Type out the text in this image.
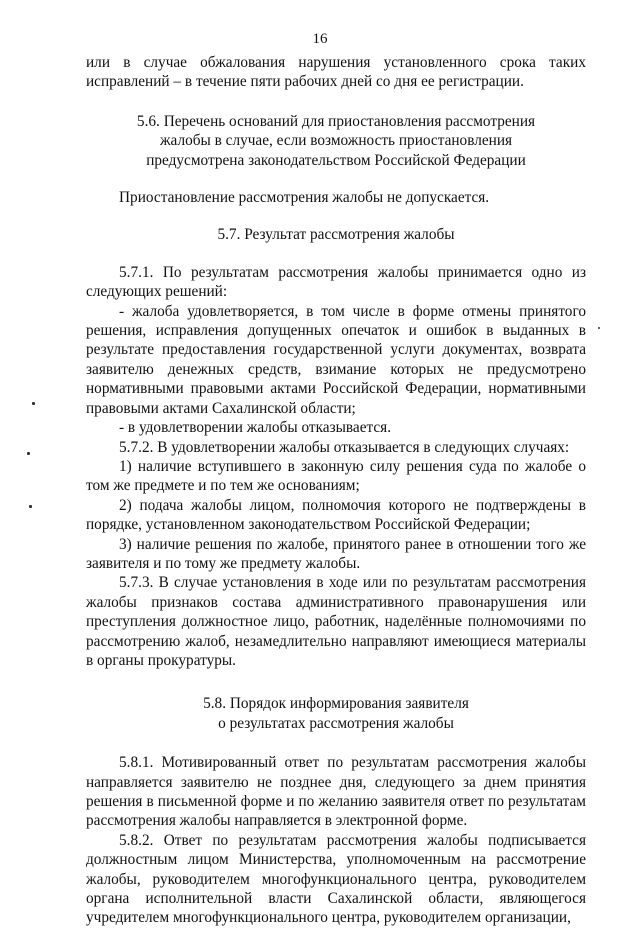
16

или в случае обжалования нарушения установленного срока таких исправлений – в течение пяти рабочих дней со дня ее регистрации.

5.6. Перечень оснований для приостановления рассмотрения жалобы в случае, если возможность приостановления предусмотрена законодательством Российской Федерации

Приостановление рассмотрения жалобы не допускается.

5.7. Результат рассмотрения жалобы

5.7.1. По результатам рассмотрения жалобы принимается одно из следующих решений:

- жалоба удовлетворяется, в том числе в форме отмены принятого решения, исправления допущенных опечаток и ошибок в выданных в результате предоставления государственной услуги документах, возврата заявителю денежных средств, взимание которых не предусмотрено нормативными правовыми актами Российской Федерации, нормативными правовыми актами Сахалинской области;

- в удовлетворении жалобы отказывается.

5.7.2. В удовлетворении жалобы отказывается в следующих случаях:

1) наличие вступившего в законную силу решения суда по жалобе о том же предмете и по тем же основаниям;

2) подача жалобы лицом, полномочия которого не подтверждены в порядке, установленном законодательством Российской Федерации;

3) наличие решения по жалобе, принятого ранее в отношении того же заявителя и по тому же предмету жалобы.

5.7.3. В случае установления в ходе или по результатам рассмотрения жалобы признаков состава административного правонарушения или преступления должностное лицо, работник, наделённые полномочиями по рассмотрению жалоб, незамедлительно направляют имеющиеся материалы в органы прокуратуры.

5.8. Порядок информирования заявителя
о результатах рассмотрения жалобы

5.8.1. Мотивированный ответ по результатам рассмотрения жалобы направляется заявителю не позднее дня, следующего за днем принятия решения в письменной форме и по желанию заявителя ответ по результатам рассмотрения жалобы направляется в электронной форме.

5.8.2. Ответ по результатам рассмотрения жалобы подписывается должностным лицом Министерства, уполномоченным на рассмотрение жалобы, руководителем многофункционального центра, руководителем органа исполнительной власти Сахалинской области, являющегося учредителем многофункционального центра, руководителем организации,
